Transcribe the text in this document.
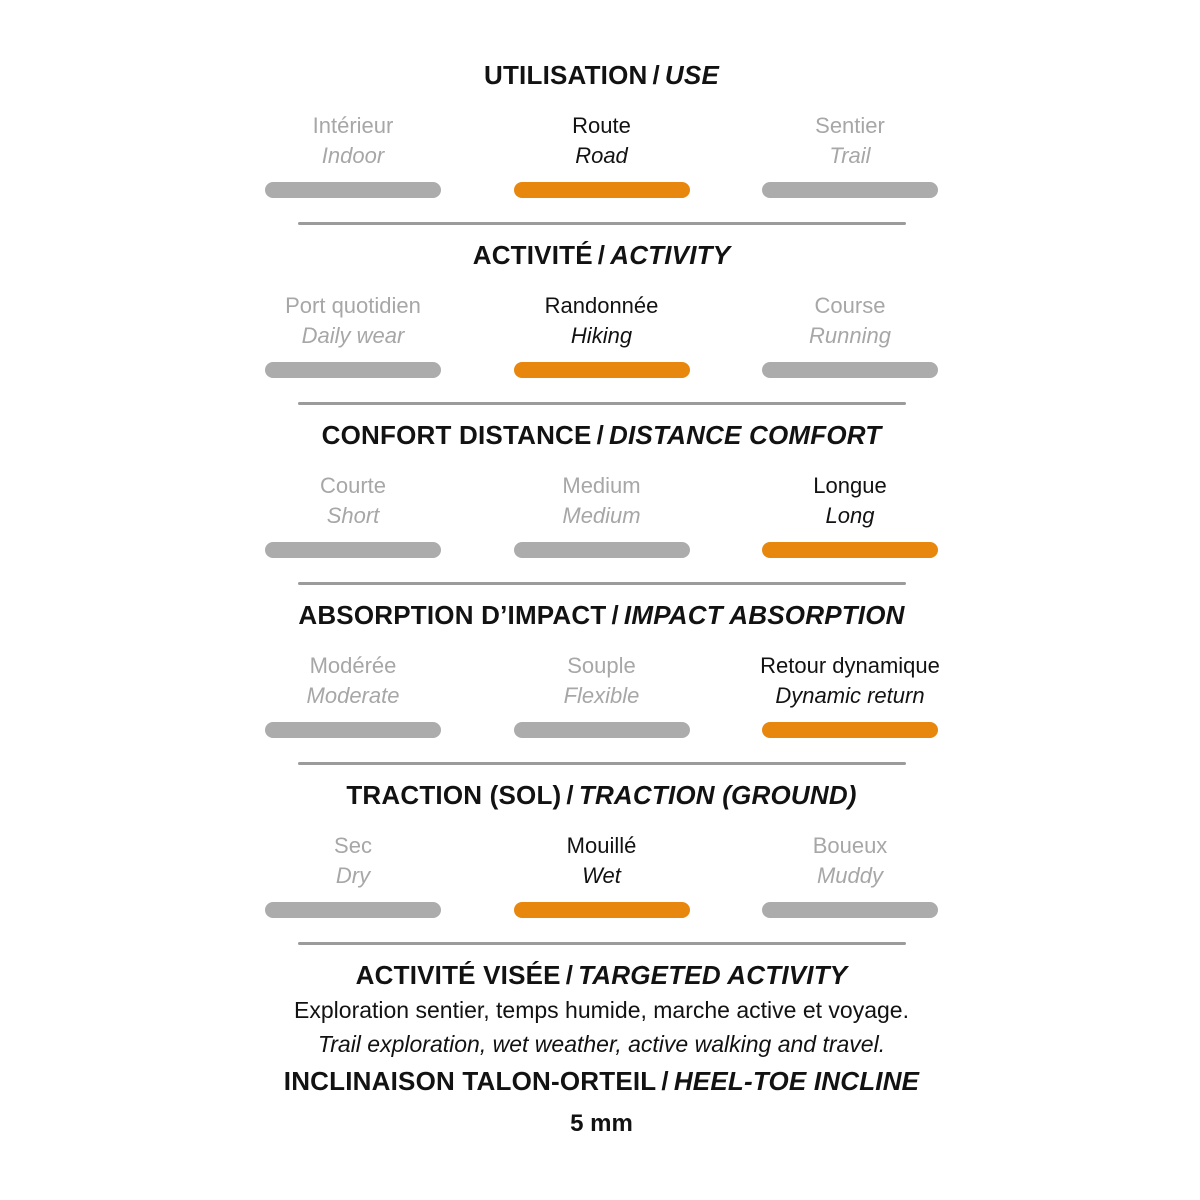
UTILISATION / USE
Intérieur
Indoor
Route
Road
Sentier
Trail
ACTIVITÉ / ACTIVITY
Port quotidien
Daily wear
Randonnée
Hiking
Course
Running
CONFORT DISTANCE / DISTANCE COMFORT
Courte
Short
Medium
Medium
Longue
Long
ABSORPTION D’IMPACT / IMPACT ABSORPTION
Modérée
Moderate
Souple
Flexible
Retour dynamique
Dynamic return
TRACTION (SOL) / TRACTION (GROUND)
Sec
Dry
Mouillé
Wet
Boueux
Muddy
ACTIVITÉ VISÉE / TARGETED ACTIVITY

Exploration sentier, temps humide, marche active et voyage.

Trail exploration, wet weather, active walking and travel.

INCLINAISON TALON-ORTEIL / HEEL-TOE INCLINE

5 mm
